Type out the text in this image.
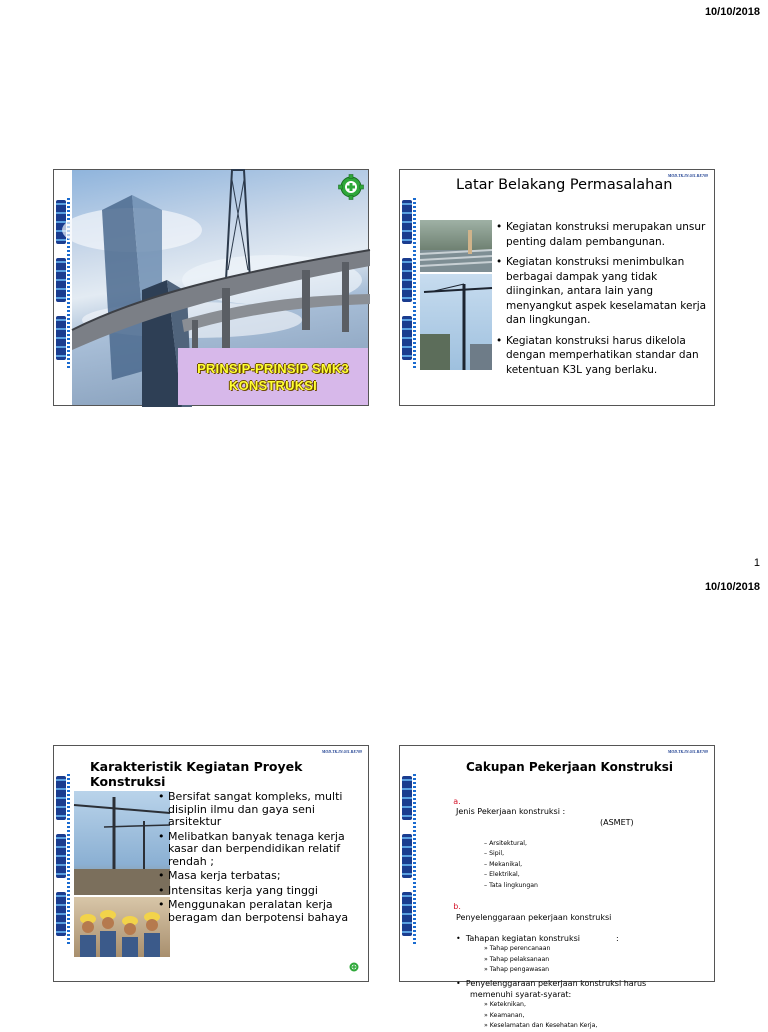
10/10/2018
PRINSIP-PRINSIP SMK3
KONSTRUKSI
MOD.TK.IN.031.RE709
Latar Belakang Permasalahan
• Kegiatan konstruksi merupakan unsur penting dalam pembangunan.
• Kegiatan konstruksi menimbulkan berbagai dampak yang tidak diinginkan, antara lain yang menyangkut aspek keselamatan kerja dan lingkungan.
• Kegiatan konstruksi harus dikelola dengan memperhatikan standar dan ketentuan K3L yang berlaku.
1
10/10/2018
MOD.TK.IN.031.RE709
Karakteristik Kegiatan Proyek Konstruksi
• Bersifat sangat kompleks, multi disiplin ilmu dan gaya seni arsitektur
• Melibatkan banyak tenaga kerja kasar dan berpendidikan relatif rendah ;
• Masa kerja terbatas;
• Intensitas kerja yang tinggi
• Menggunakan peralatan kerja beragam dan berpotensi bahaya
MOD.TK.IN.031.RE709
Cakupan Pekerjaan Konstruksi

a.

Jenis Pekerjaan konstruksi :

(ASMET)

– Arsitektural,
– Sipil,
– Mekanikal,
– Elektrikal,
– Tata lingkungan

b.

Penyelenggaraan pekerjaan konstruksi

•  Tahapan kegiatan konstruksi	:
» Tahap perencanaan
» Tahap pelaksanaan
» Tahap pengawasan
•  Penyelenggaraan pekerjaan konstruksi harus
memenuhi syarat-syarat:
» Keteknikan,
» Keamanan,
» Keselamatan dan Kesehatan Kerja,
